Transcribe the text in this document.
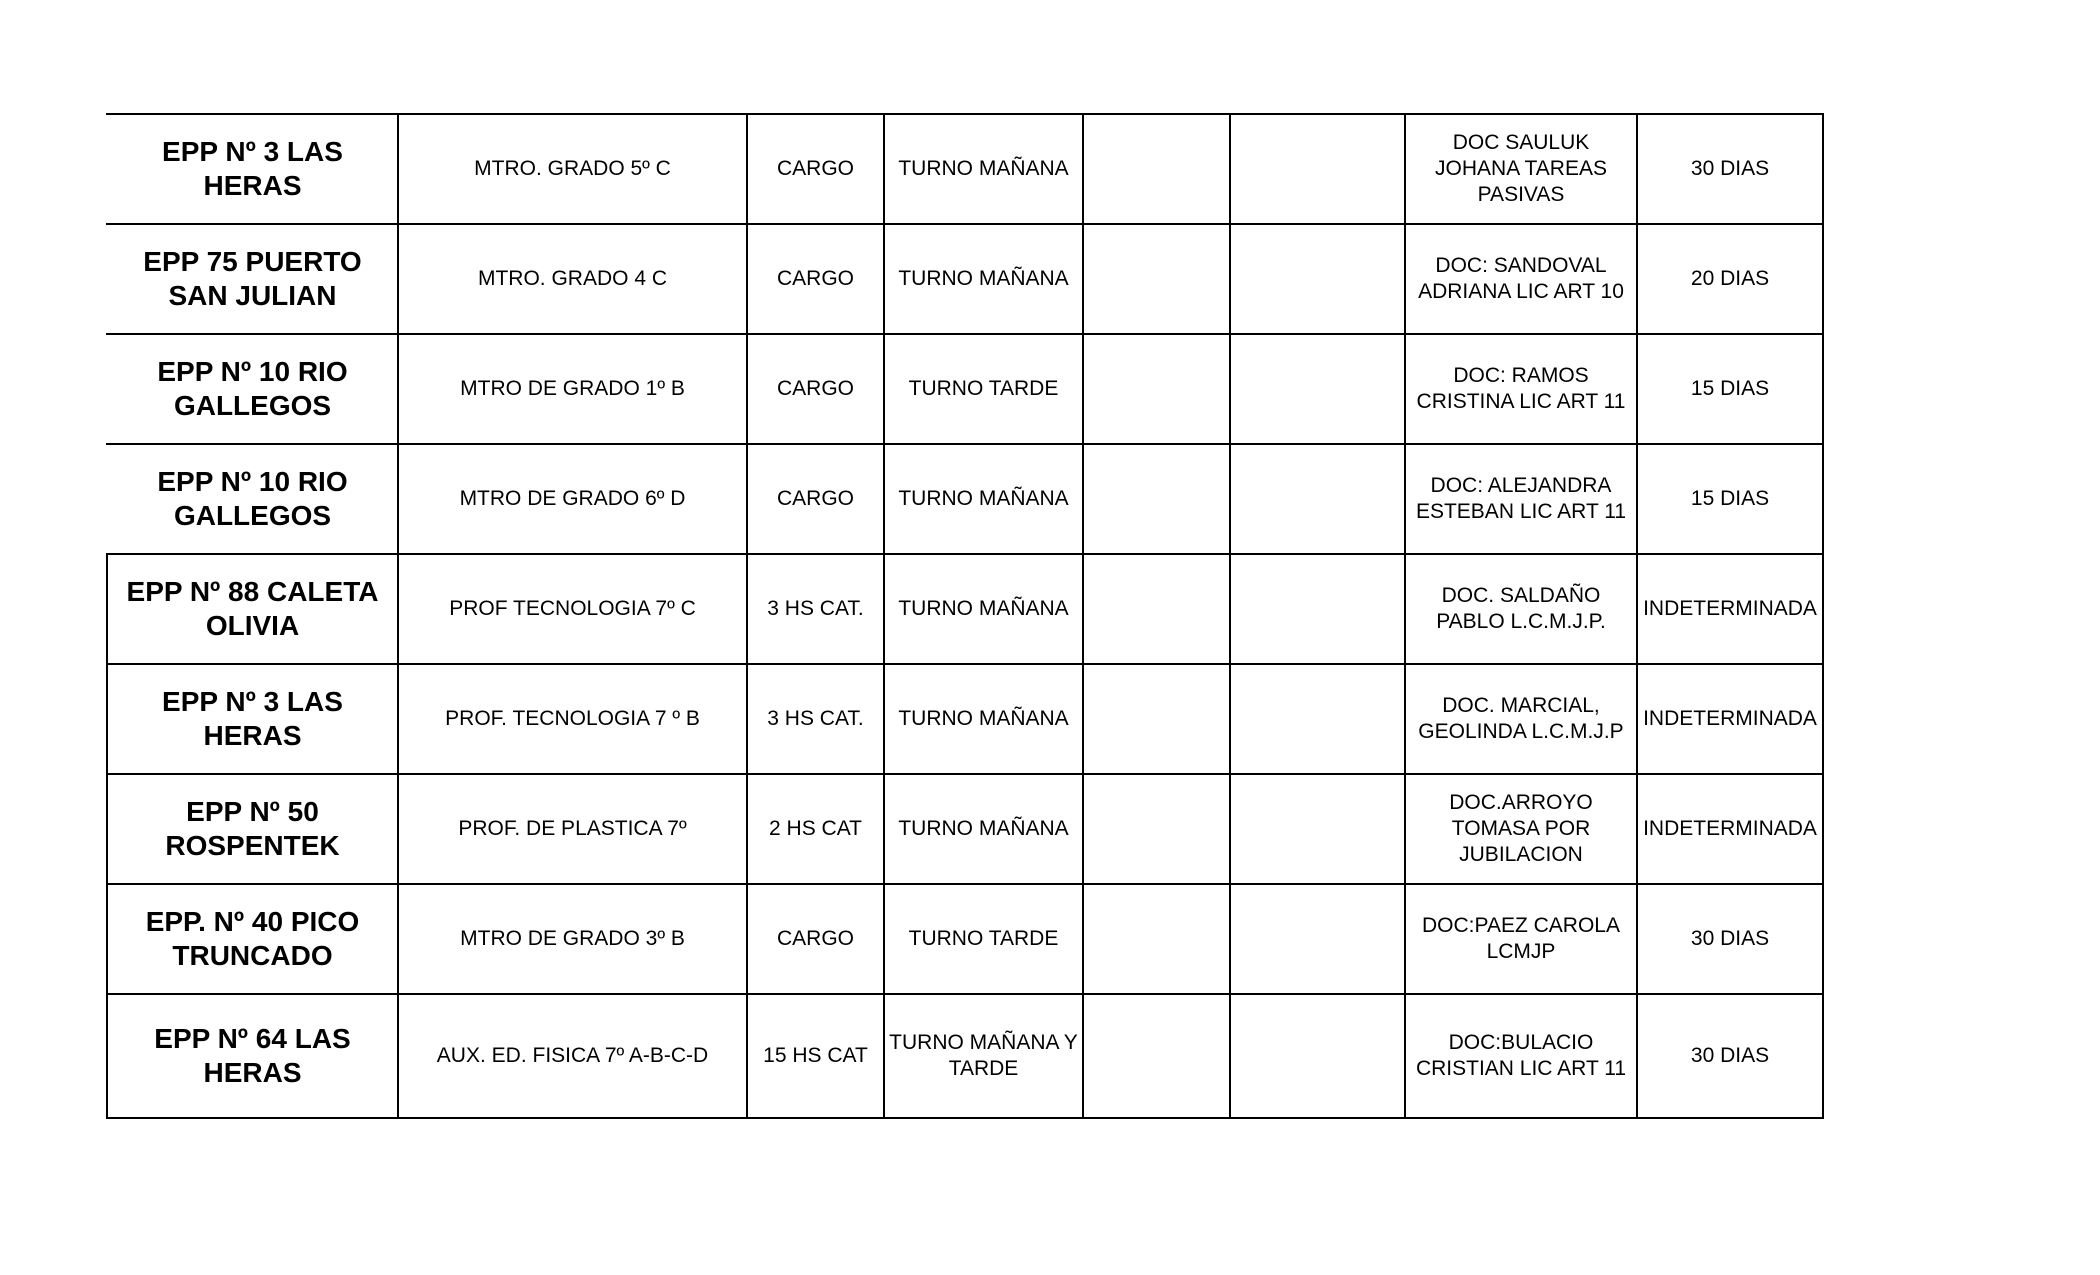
EPP Nº 3 LAS HERAS	MTRO. GRADO 5º C	CARGO	TURNO MAÑANA			DOC SAULUK JOHANA TAREAS PASIVAS	30 DIAS
EPP 75 PUERTO SAN JULIAN	MTRO. GRADO 4 C	CARGO	TURNO MAÑANA			DOC: SANDOVAL ADRIANA LIC ART 10	20 DIAS
EPP Nº 10 RIO GALLEGOS	MTRO DE GRADO 1º B	CARGO	TURNO TARDE			DOC: RAMOS CRISTINA LIC ART 11	15 DIAS
EPP Nº 10 RIO GALLEGOS	MTRO DE GRADO 6º D	CARGO	TURNO MAÑANA			DOC: ALEJANDRA ESTEBAN LIC ART 11	15 DIAS
EPP Nº 88 CALETA OLIVIA	PROF TECNOLOGIA 7º C	3 HS CAT.	TURNO MAÑANA			DOC. SALDAÑO PABLO L.C.M.J.P.	INDETERMINADA
EPP Nº 3 LAS HERAS	PROF. TECNOLOGIA 7 º B	3 HS CAT.	TURNO MAÑANA			DOC. MARCIAL, GEOLINDA L.C.M.J.P	INDETERMINADA
EPP Nº 50 ROSPENTEK	PROF. DE PLASTICA 7º	2 HS CAT	TURNO MAÑANA			DOC.ARROYO TOMASA POR JUBILACION	INDETERMINADA
EPP. Nº 40 PICO TRUNCADO	MTRO DE GRADO 3º B	CARGO	TURNO TARDE			DOC:PAEZ CAROLA LCMJP	30 DIAS
EPP Nº 64 LAS HERAS	AUX. ED. FISICA 7º A-B-C-D	15 HS CAT	TURNO MAÑANA Y TARDE			DOC:BULACIO CRISTIAN LIC ART 11	30 DIAS
